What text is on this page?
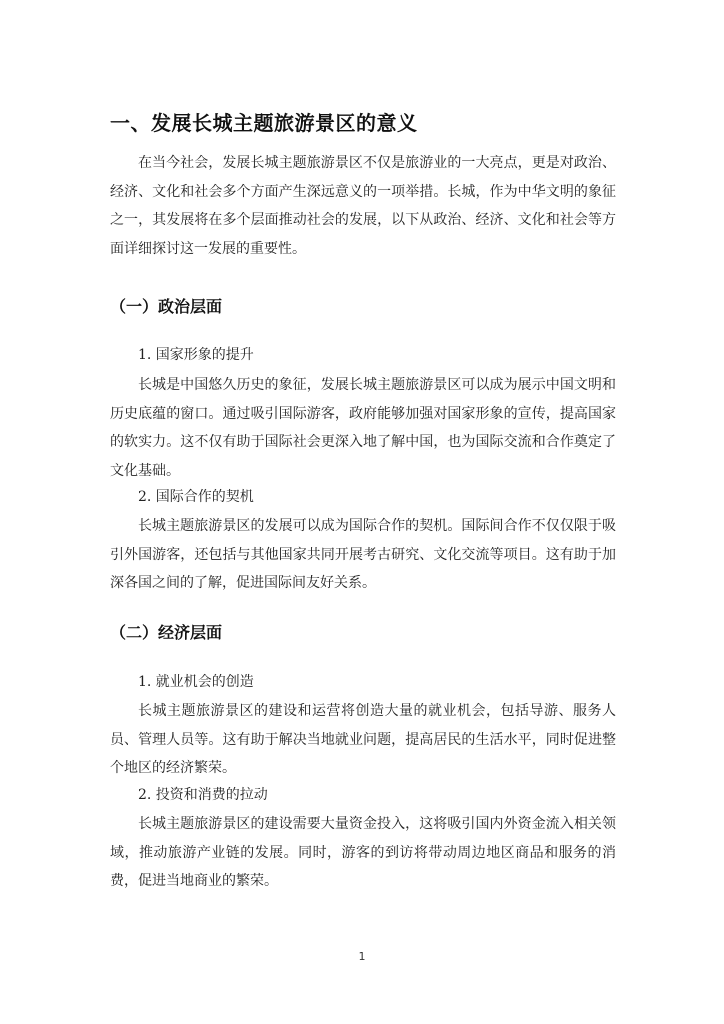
一、发展长城主题旅游景区的意义

在当今社会，发展长城主题旅游景区不仅是旅游业的一大亮点，更是对政治、经济、文化和社会多个方面产生深远意义的一项举措。长城，作为中华文明的象征之一，其发展将在多个层面推动社会的发展，以下从政治、经济、文化和社会等方面详细探讨这一发展的重要性。

（一）政治层面

1. 国家形象的提升

长城是中国悠久历史的象征，发展长城主题旅游景区可以成为展示中国文明和历史底蕴的窗口。通过吸引国际游客，政府能够加强对国家形象的宣传，提高国家的软实力。这不仅有助于国际社会更深入地了解中国，也为国际交流和合作奠定了文化基础。

2. 国际合作的契机

长城主题旅游景区的发展可以成为国际合作的契机。国际间合作不仅仅限于吸引外国游客，还包括与其他国家共同开展考古研究、文化交流等项目。这有助于加深各国之间的了解，促进国际间友好关系。

（二）经济层面

1. 就业机会的创造

长城主题旅游景区的建设和运营将创造大量的就业机会，包括导游、服务人员、管理人员等。这有助于解决当地就业问题，提高居民的生活水平，同时促进整个地区的经济繁荣。

2. 投资和消费的拉动

长城主题旅游景区的建设需要大量资金投入，这将吸引国内外资金流入相关领域，推动旅游产业链的发展。同时，游客的到访将带动周边地区商品和服务的消费，促进当地商业的繁荣。

1
